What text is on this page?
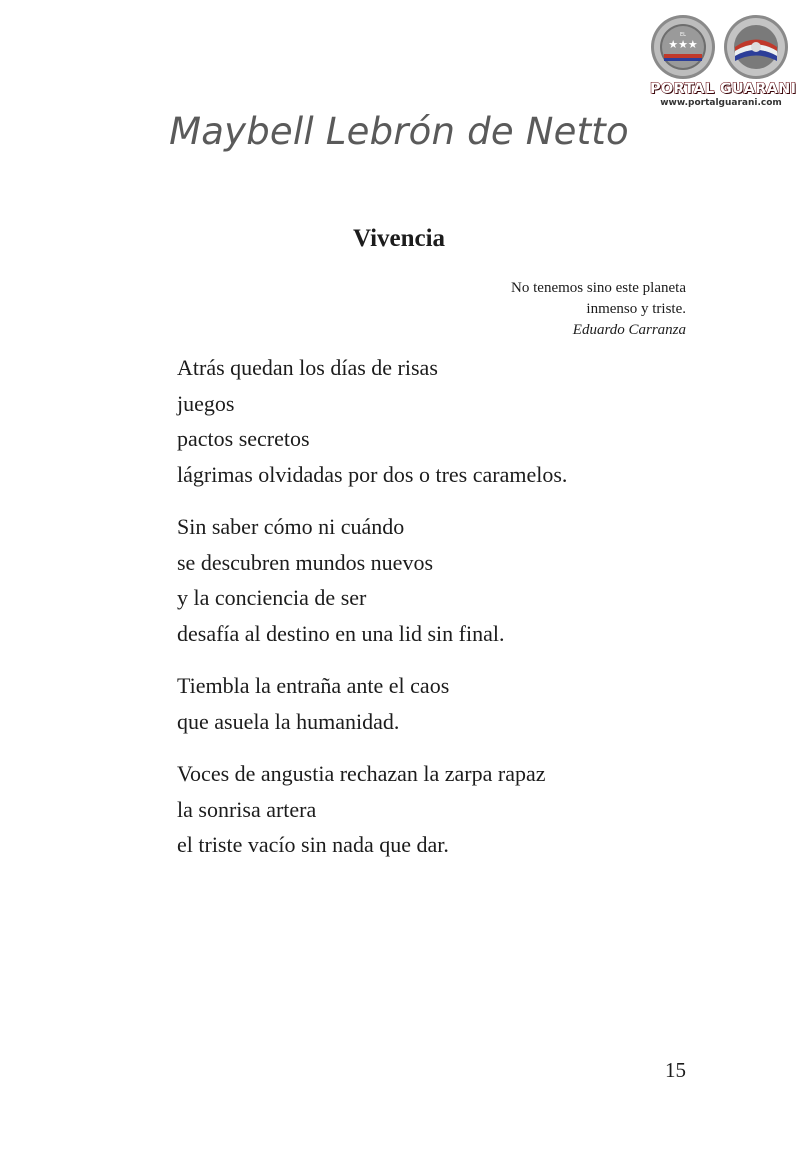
★★★
EL
PORTAL GUARANI
www.portalguarani.com
Maybell Lebrón de Netto
Vivencia
No tenemos sino este planeta
inmenso y triste.
Eduardo Carranza
Atrás quedan los días de risas
juegos
pactos secretos
lágrimas olvidadas por dos o tres caramelos.
Sin saber cómo ni cuándo
se descubren mundos nuevos
y la conciencia de ser
desafía al destino en una lid sin final.
Tiembla la entraña ante el caos
que asuela la humanidad.
Voces de angustia rechazan la zarpa rapaz
la sonrisa artera
el triste vacío sin nada que dar.
15
